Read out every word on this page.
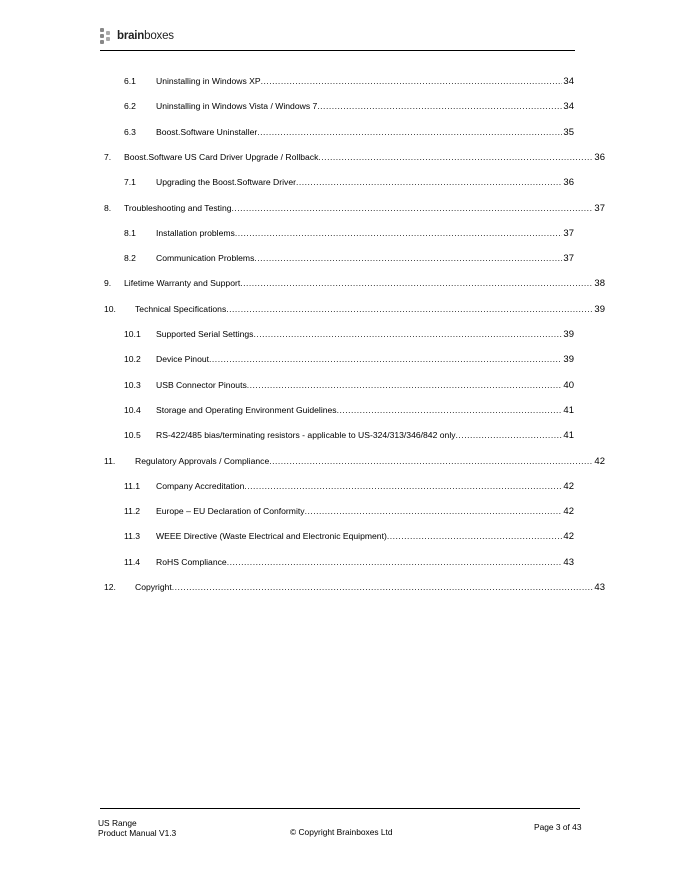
brainboxes
6.1	Uninstalling in Windows XP .....	34
6.2	Uninstalling in Windows Vista / Windows 7 .....	34
6.3	Boost.Software Uninstaller .....	35
7.	Boost.Software US Card Driver Upgrade / Rollback .....	36
7.1	Upgrading the Boost.Software Driver .....	36
8.	Troubleshooting and Testing .....	37
8.1	Installation problems .....	37
8.2	Communication Problems .....	37
9.	Lifetime Warranty and Support .....	38
10.	Technical Specifications .....	39
10.1	Supported Serial Settings .....	39
10.2	Device Pinout .....	39
10.3	USB Connector Pinouts .....	40
10.4	Storage and Operating Environment Guidelines .....	41
10.5	RS-422/485 bias/terminating resistors - applicable to US-324/313/346/842 only .....	41
11.	Regulatory Approvals / Compliance .....	42
11.1	Company Accreditation .....	42
11.2	Europe – EU Declaration of Conformity .....	42
11.3	WEEE Directive (Waste Electrical and Electronic Equipment) .....	42
11.4	RoHS Compliance .....	43
12.	Copyright .....	43
US Range
Product Manual V1.3	© Copyright Brainboxes Ltd	Page 3 of 43
